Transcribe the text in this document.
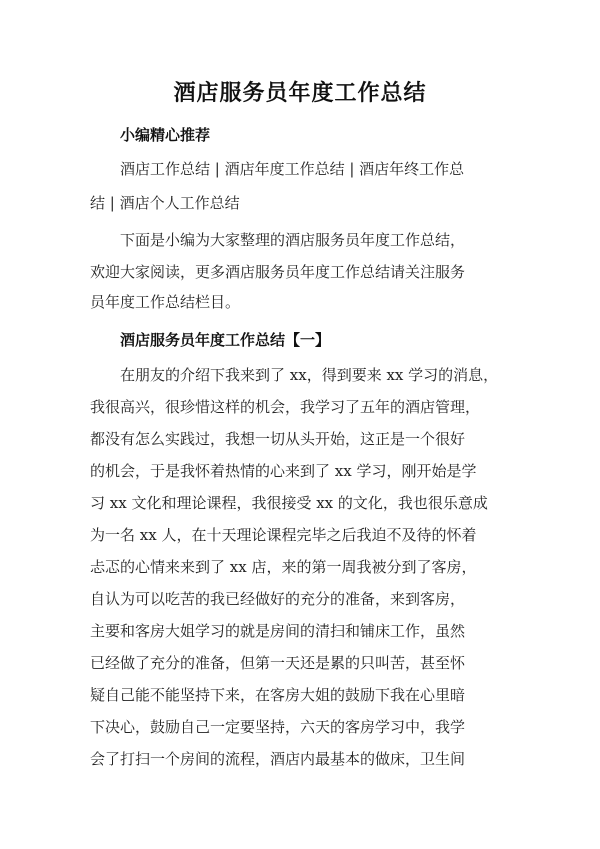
酒店服务员年度工作总结
小编精心推荐
酒店工作总结 | 酒店年度工作总结 | 酒店年终工作总
结 | 酒店个人工作总结
下面是小编为大家整理的酒店服务员年度工作总结，
欢迎大家阅读，更多酒店服务员年度工作总结请关注服务
员年度工作总结栏目。
酒店服务员年度工作总结【一】
在朋友的介绍下我来到了 xx，得到要来 xx 学习的消息，
我很高兴，很珍惜这样的机会，我学习了五年的酒店管理，
都没有怎么实践过，我想一切从头开始，这正是一个很好
的机会，于是我怀着热情的心来到了 xx 学习，刚开始是学
习 xx 文化和理论课程，我很接受 xx 的文化，我也很乐意成
为一名 xx 人，在十天理论课程完毕之后我迫不及待的怀着
忐忑的心情来来到了 xx 店，来的第一周我被分到了客房，
自认为可以吃苦的我已经做好的充分的准备，来到客房，
主要和客房大姐学习的就是房间的清扫和铺床工作，虽然
已经做了充分的准备，但第一天还是累的只叫苦，甚至怀
疑自己能不能坚持下来，在客房大姐的鼓励下我在心里暗
下决心，鼓励自己一定要坚持，六天的客房学习中，我学
会了打扫一个房间的流程，酒店内最基本的做床，卫生间
